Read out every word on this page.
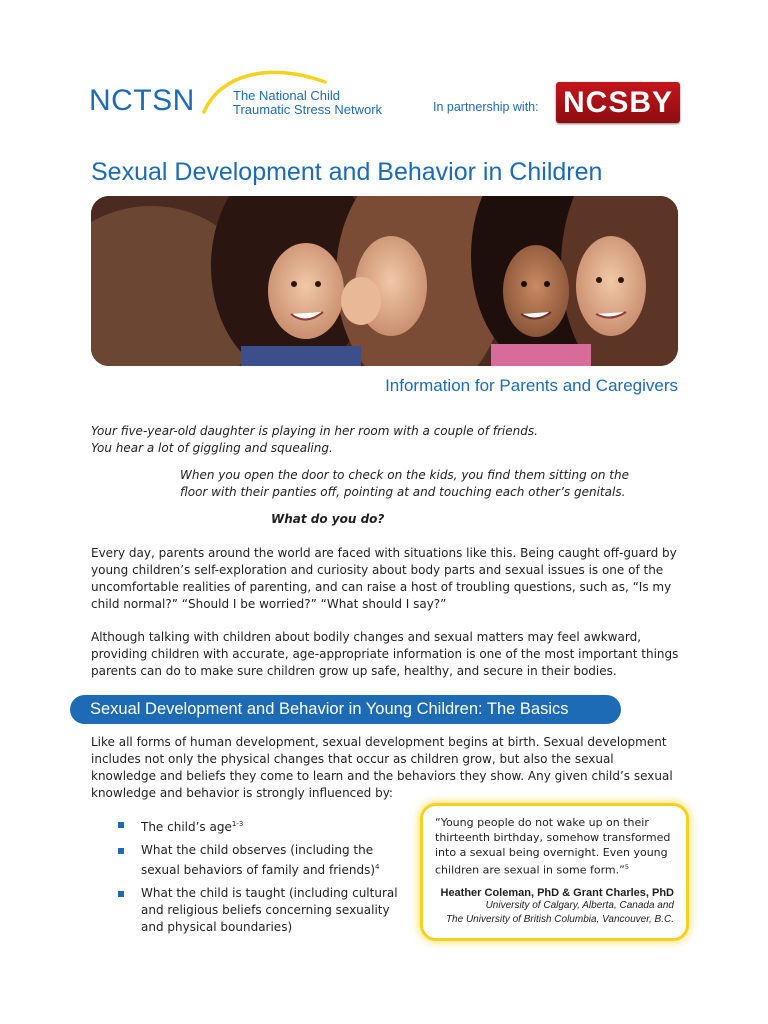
NCTSN	The National Child
Traumatic Stress Network	In partnership with: NCSBY
Sexual Development and Behavior in Children
Information for Parents and Caregivers
Your five-year-old daughter is playing in her room with a couple of friends.
You hear a lot of giggling and squealing.
When you open the door to check on the kids, you find them sitting on the
floor with their panties off, pointing at and touching each other’s genitals.
What do you do?
Every day, parents around the world are faced with situations like this. Being caught off-guard by young children’s self-exploration and curiosity about body parts and sexual issues is one of the uncomfortable realities of parenting, and can raise a host of troubling questions, such as, “Is my child normal?” “Should I be worried?” “What should I say?”
Although talking with children about bodily changes and sexual matters may feel awkward, providing children with accurate, age-appropriate information is one of the most important things parents can do to make sure children grow up safe, healthy, and secure in their bodies.
Sexual Development and Behavior in Young Children: The Basics
Like all forms of human development, sexual development begins at birth. Sexual development includes not only the physical changes that occur as children grow, but also the sexual knowledge and beliefs they come to learn and the behaviors they show. Any given child’s sexual knowledge and behavior is strongly influenced by:
The child’s age$^{1-3}$
What the child observes (including the sexual behaviors of family and friends)$^4$
What the child is taught (including cultural and religious beliefs concerning sexuality and physical boundaries)
“Young people do not wake up on their thirteenth birthday, somehow transformed into a sexual being overnight. Even young children are sexual in some form.”$^5$
Heather Coleman, PhD & Grant Charles, PhD
University of Calgary, Alberta, Canada and
The University of British Columbia, Vancouver, B.C.
